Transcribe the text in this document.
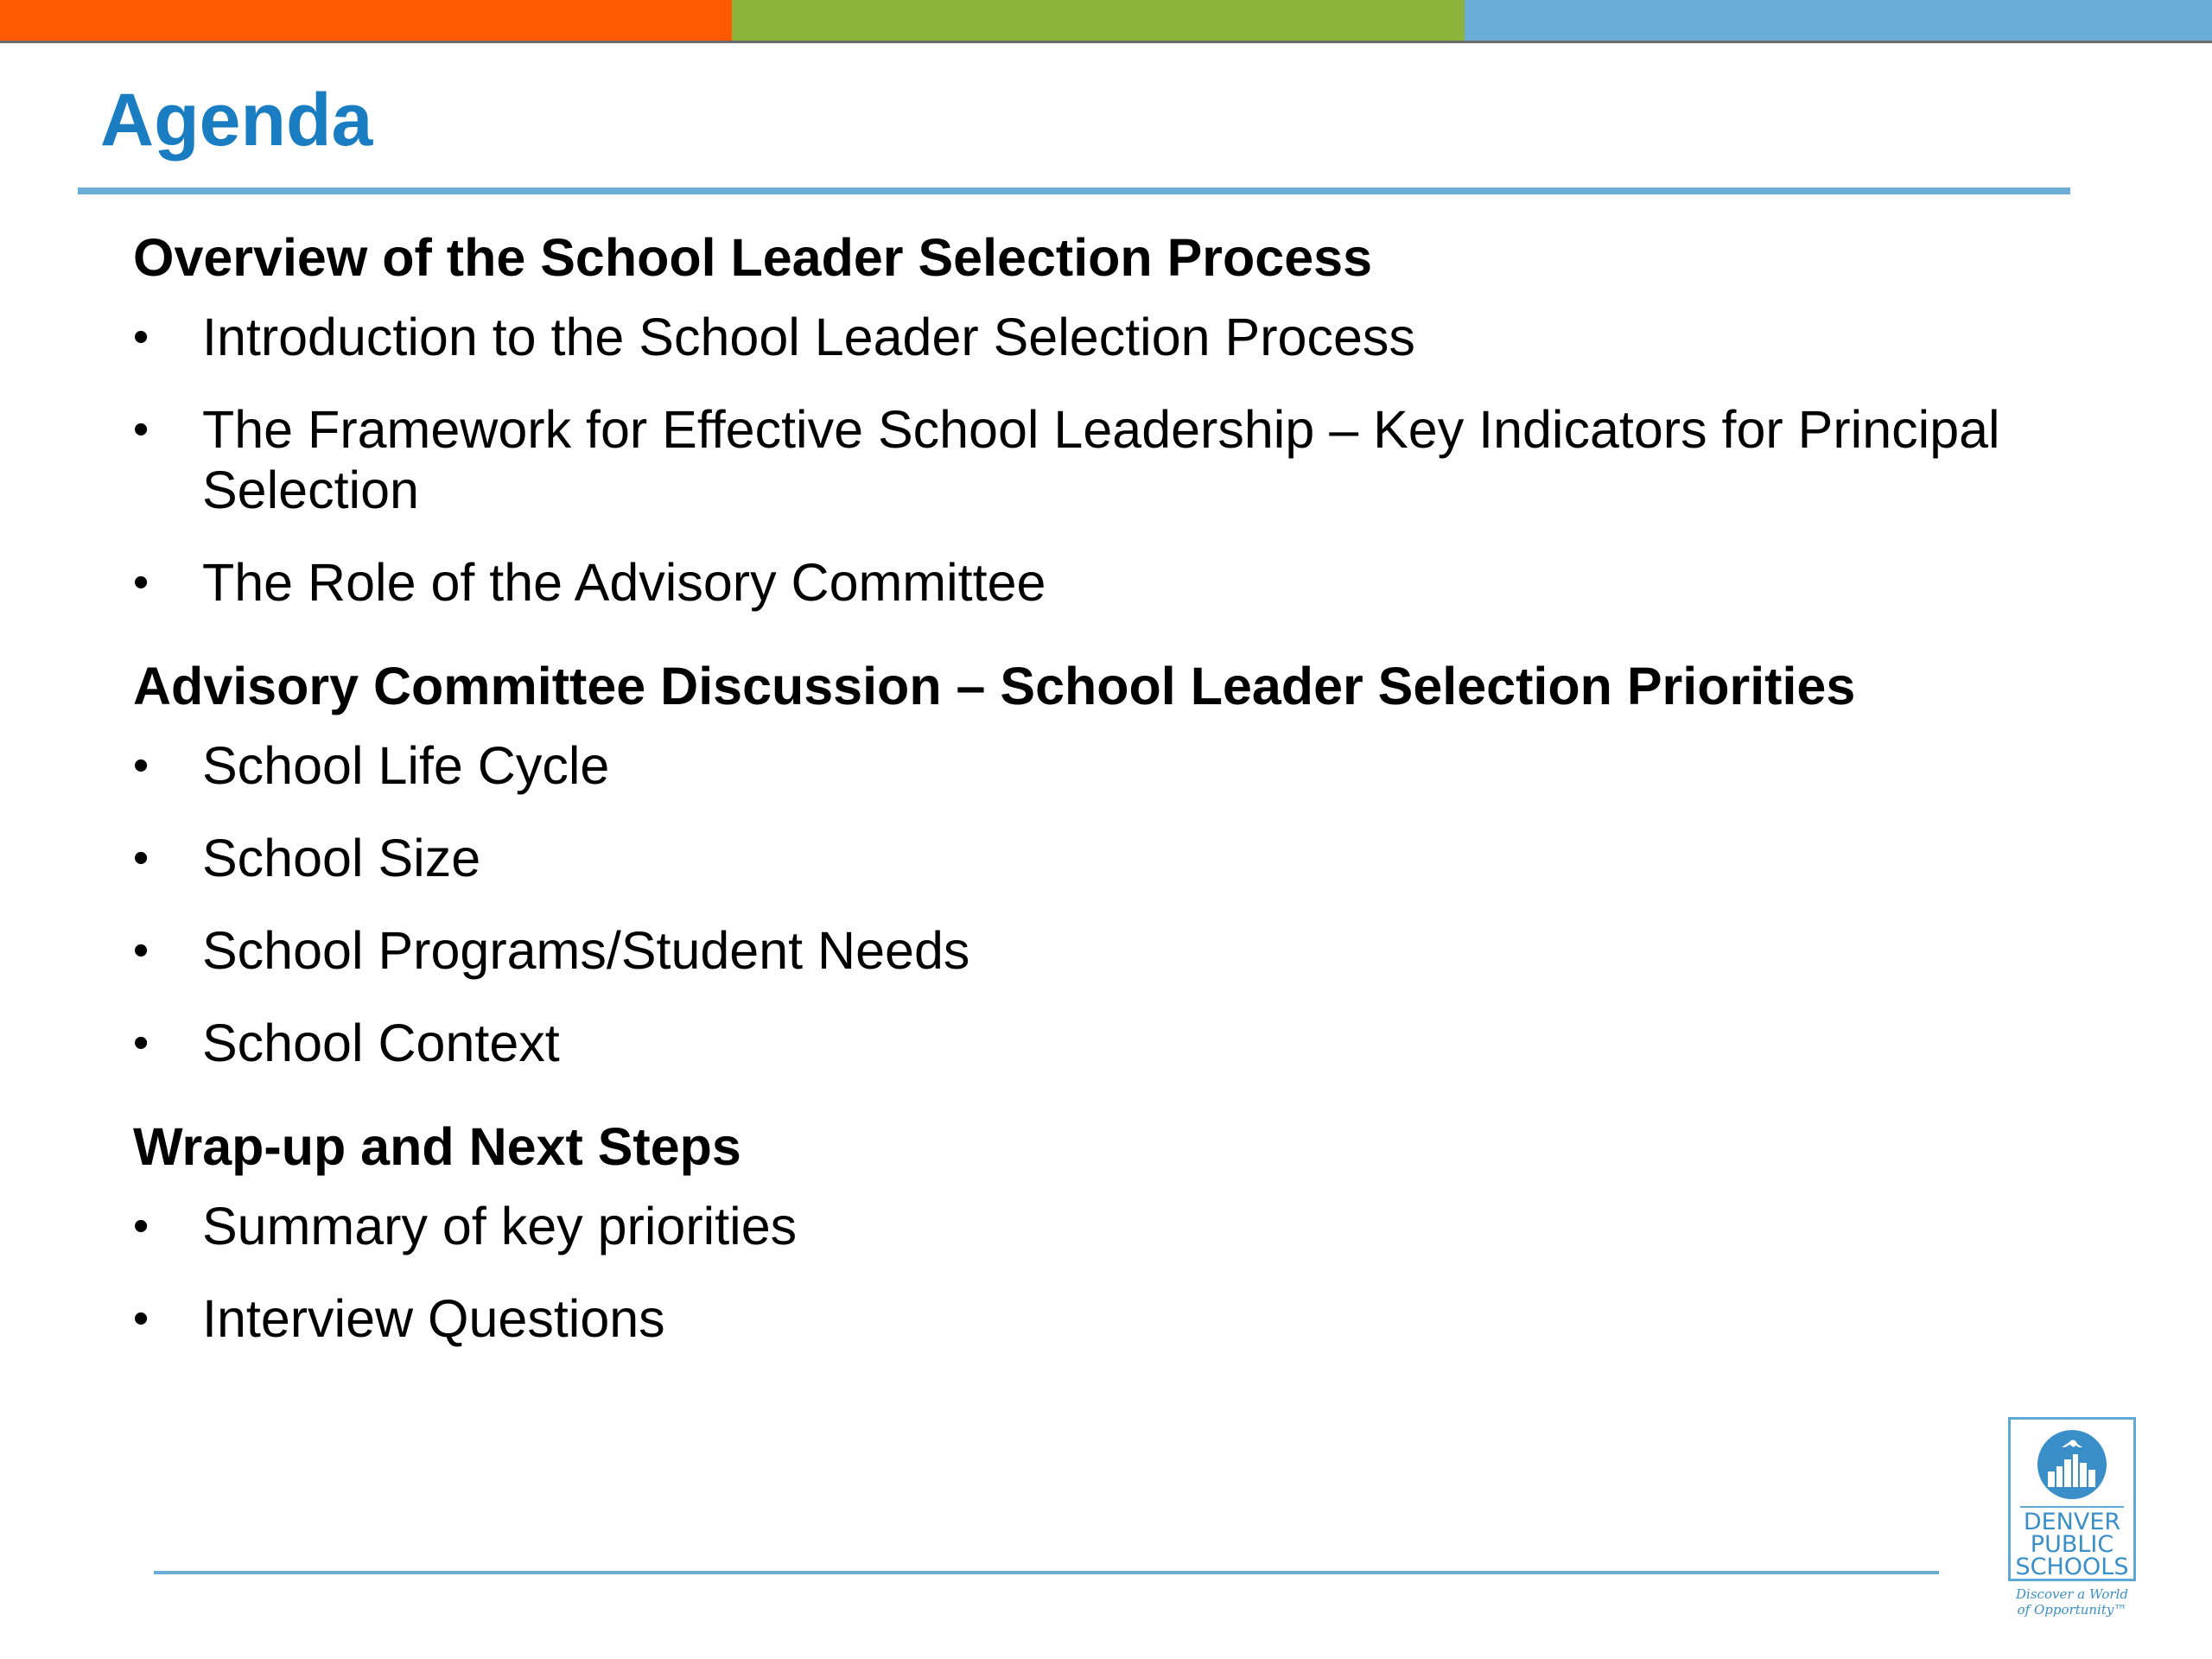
Agenda
Overview of the School Leader Selection Process
• Introduction to the School Leader Selection Process
• The Framework for Effective School Leadership – Key Indicators for Principal Selection
• The Role of the Advisory Committee
Advisory Committee Discussion – School Leader Selection Priorities
• School Life Cycle
• School Size
• School Programs/Student Needs
• School Context
Wrap-up and Next Steps
• Summary of key priorities
• Interview Questions
DENVER
PUBLIC
SCHOOLS
Discover a World
of Opportunity™
